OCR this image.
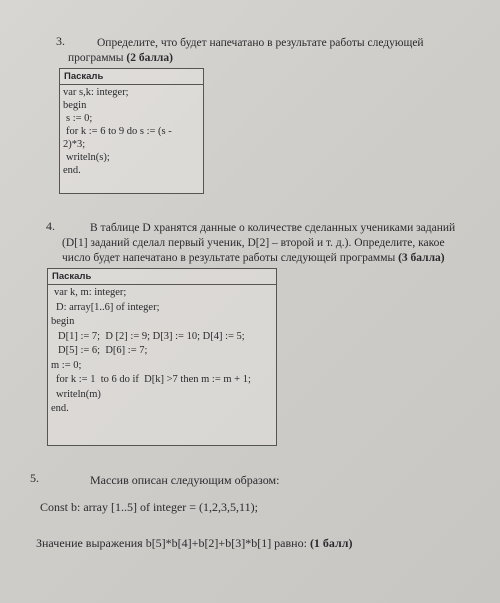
3.	Определите, что будет напечатано в результате работы следующей
программы (2 балла)
Паскаль
var s,k: integer;
begin
s := 0;
for k := 6 to 9 do s := (s -
2)*3;
writeln(s);
end.
4.	В таблице D хранятся данные о количестве сделанных учениками заданий
(D[1] заданий сделал первый ученик, D[2] – второй и т. д.). Определите, какое
число будет напечатано в результате работы следующей программы (3 балла)
Паскаль
var k, m: integer;
D: array[1..6] of integer;
begin
D[1] := 7;  D [2] := 9; D[3] := 10; D[4] := 5;
D[5] := 6;  D[6] := 7;
m := 0;
for k := 1  to 6 do if  D[k] >7 then m := m + 1;
writeln(m)
end.
5.	Массив описан следующим образом:
Const b: array [1..5] of integer = (1,2,3,5,11);
Значение выражения b[5]*b[4]+b[2]+b[3]*b[1] равно: (1 балл)
